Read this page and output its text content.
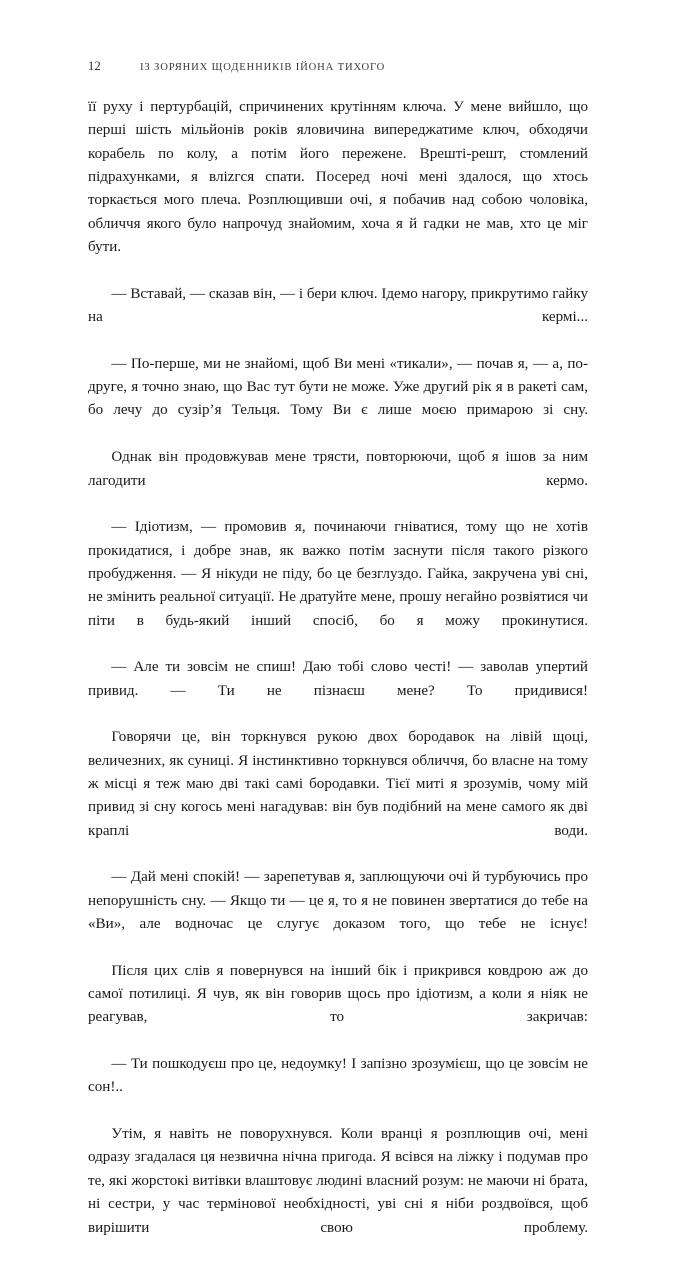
12	ІЗ ЗОРЯНИХ ЩОДЕННИКІВ ІЙОНА ТИХОГО

її руху і пертурбацій, спричинених крутінням ключа. У мене вийшло, що перші шість мільйонів років яловичина випереджатиме ключ, обходячи корабель по колу, а потім його пережене. Врешті-решт, стомлений підрахунками, я вліzгся спати. Посеред ночі мені здалося, що хтось торкається мого плеча. Розплющивши очі, я побачив над собою чоловіка, обличчя якого було напрочуд знайомим, хоча я й гадки не мав, хто це міг бути.

— Вставай, — сказав він, — і бери ключ. Ідемо нагору, прикрутимо гайку на кермі...

— По-перше, ми не знайомі, щоб Ви мені «тикали», — почав я, — а, по-друге, я точно знаю, що Вас тут бути не може. Уже другий рік я в ракеті сам, бо лечу до сузір’я Тельця. Тому Ви є лише моєю примарою зі сну.

Однак він продовжував мене трясти, повторюючи, щоб я ішов за ним лагодити кермо.

— Ідіотизм, — промовив я, починаючи гніватися, тому що не хотів прокидатися, і добре знав, як важко потім заснути після такого різкого пробудження. — Я нікуди не піду, бо це безглуздо. Гайка, закручена уві сні, не змінить реальної ситуації. Не дратуйте мене, прошу негайно розвіятися чи піти в будь-який інший спосіб, бо я можу прокинутися.

— Але ти зовсім не спиш! Даю тобі слово честі! — заволав упертий привид. — Ти не пізнаєш мене? То придивися!

Говорячи це, він торкнувся рукою двох бородавок на лівій щоці, величезних, як суниці. Я інстинктивно торкнувся обличчя, бо власне на тому ж місці я теж маю дві такі самі бородавки. Тієї миті я зрозумів, чому мій привид зі сну когось мені нагадував: він був подібний на мене самого як дві краплі води.

— Дай мені спокій! — зарепетував я, заплющуючи очі й турбуючись про непорушність сну. — Якщо ти — це я, то я не повинен звертатися до тебе на «Ви», але водночас це слугує доказом того, що тебе не існує!

Після цих слів я повернувся на інший бік і прикрився ковдрою аж до самої потилиці. Я чув, як він говорив щось про ідіотизм, а коли я ніяк не реагував, то закричав:

— Ти пошкодуєш про це, недоумку! І запізно зрозумієш, що це зовсім не сон!..

Утім, я навіть не поворухнувся. Коли вранці я розплющив очі, мені одразу згадалася ця незвична нічна пригода. Я всівся на ліжку і подумав про те, які жорстокі витівки влаштовує людині власний розум: не маючи ні брата, ні сестри, у час термінової необхідності, уві сні я ніби роздвоївся, щоб вирішити свою проблему.
